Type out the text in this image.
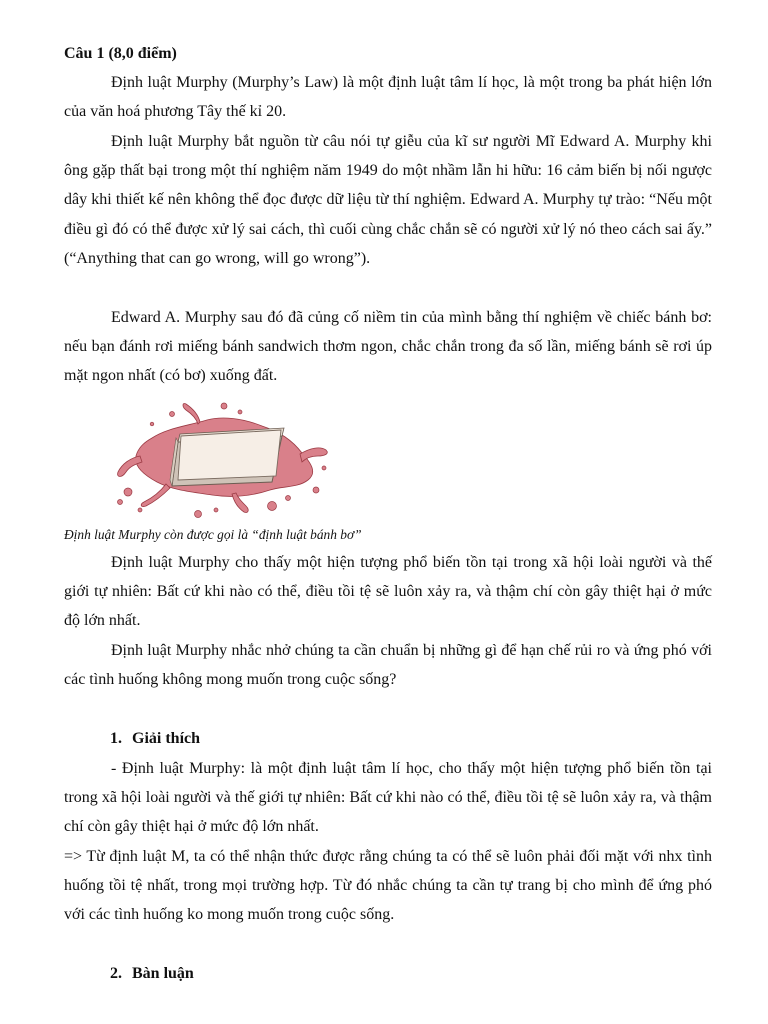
Câu 1 (8,0 điểm)

Định luật Murphy (Murphy’s Law) là một định luật tâm lí học, là một trong ba phát hiện lớn của văn hoá phương Tây thế kỉ 20.

Định luật Murphy bắt nguồn từ câu nói tự giễu của kĩ sư người Mĩ Edward A. Murphy khi ông gặp thất bại trong một thí nghiệm năm 1949 do một nhầm lẫn hi hữu: 16 cảm biến bị nối ngược dây khi thiết kế nên không thể đọc được dữ liệu từ thí nghiệm. Edward A. Murphy tự trào: “Nếu một điều gì đó có thể được xử lý sai cách, thì cuối cùng chắc chắn sẽ có người xử lý nó theo cách sai ấy.” (“Anything that can go wrong, will go wrong”).

Edward A. Murphy sau đó đã củng cố niềm tin của mình bằng thí nghiệm về chiếc bánh bơ: nếu bạn đánh rơi miếng bánh sandwich thơm ngon, chắc chắn trong đa số lần, miếng bánh sẽ rơi úp mặt ngon nhất (có bơ) xuống đất.

Định luật Murphy còn được gọi là “định luật bánh bơ”

Định luật Murphy cho thấy một hiện tượng phổ biến tồn tại trong xã hội loài người và thế giới tự nhiên: Bất cứ khi nào có thể, điều tồi tệ sẽ luôn xảy ra, và thậm chí còn gây thiệt hại ở mức độ lớn nhất.

Định luật Murphy nhắc nhở chúng ta cần chuẩn bị những gì để hạn chế rủi ro và ứng phó với các tình huống không mong muốn trong cuộc sống?

1. Giải thích

- Định luật Murphy: là một định luật tâm lí học, cho thấy một hiện tượng phổ biến tồn tại trong xã hội loài người và thế giới tự nhiên: Bất cứ khi nào có thể, điều tồi tệ sẽ luôn xảy ra, và thậm chí còn gây thiệt hại ở mức độ lớn nhất.

=> Từ định luật M, ta có thể nhận thức được rằng chúng ta có thể sẽ luôn phải đối mặt với nhx tình huống tồi tệ nhất, trong mọi trường hợp. Từ đó nhắc chúng ta cần tự trang bị cho mình để ứng phó với các tình huống ko mong muốn trong cuộc sống.

2. Bàn luận
